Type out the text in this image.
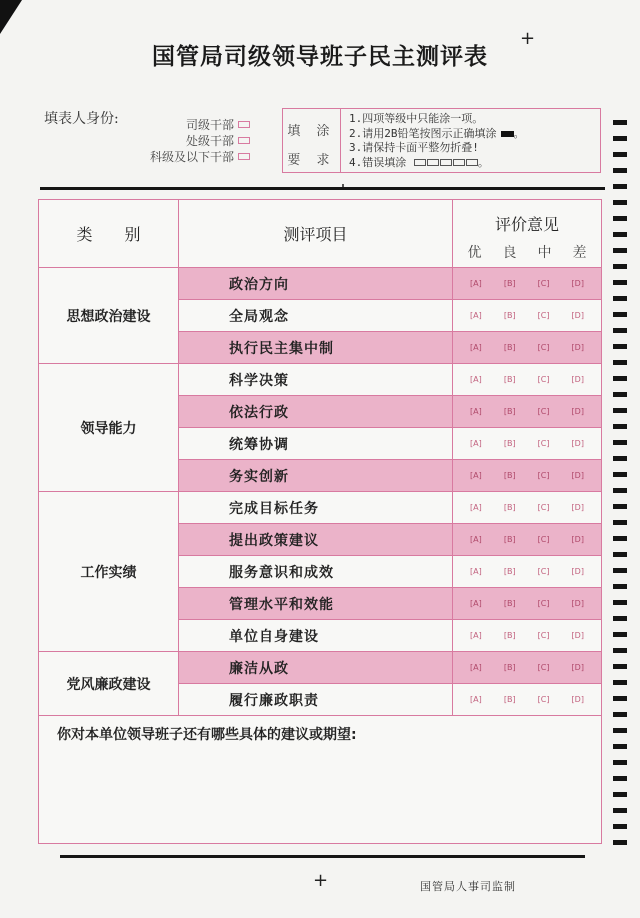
+
国管局司级领导班子民主测评表
填表人身份:	司级干部
处级干部
科级及以下干部
填 涂
要 求
1.四项等级中只能涂一项。
2.请用2B铅笔按图示正确填涂 。
3.请保持卡面平整勿折叠!
4.错误填涂	。
类　　别	测评项目
评价意见
优 良 中 差
思想政治建设
政治方向	[A]	[B]	[C]	[D]
全局观念	[A]	[B]	[C]	[D]
执行民主集中制	[A]	[B]	[C]	[D]
领导能力
科学决策	[A]	[B]	[C]	[D]
依法行政	[A]	[B]	[C]	[D]
统筹协调	[A]	[B]	[C]	[D]
务实创新	[A]	[B]	[C]	[D]
工作实绩
完成目标任务	[A]	[B]	[C]	[D]
提出政策建议	[A]	[B]	[C]	[D]
服务意识和成效	[A]	[B]	[C]	[D]
管理水平和效能	[A]	[B]	[C]	[D]
单位自身建设	[A]	[B]	[C]	[D]
党风廉政建设
廉洁从政	[A]	[B]	[C]	[D]
履行廉政职责	[A]	[B]	[C]	[D]
你对本单位领导班子还有哪些具体的建议或期望:
+	国管局人事司监制
